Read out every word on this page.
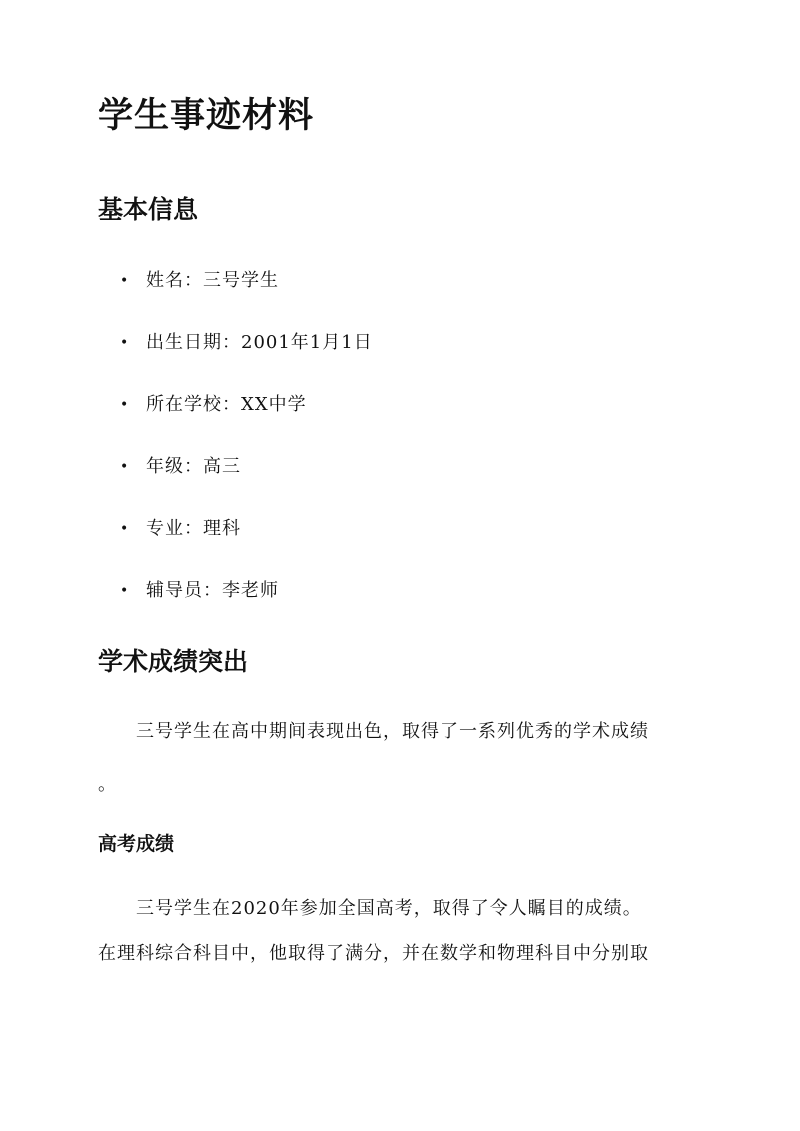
学生事迹材料
基本信息
• 姓名：三号学生
• 出生日期：2001年1月1日
• 所在学校：XX中学
• 年级：高三
• 专业：理科
• 辅导员：李老师
学术成绩突出
三号学生在高中期间表现出色，取得了一系列优秀的学术成绩
。
高考成绩
三号学生在2020年参加全国高考，取得了令人瞩目的成绩。
在理科综合科目中，他取得了满分，并在数学和物理科目中分别取
